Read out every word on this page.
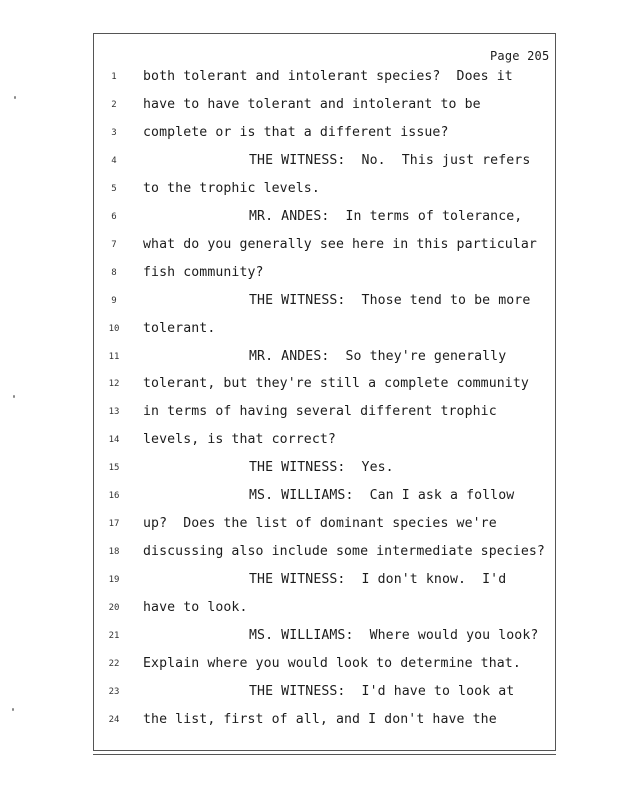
Page 205
1	both tolerant and intolerant species?  Does it
2	have to have tolerant and intolerant to be
3	complete or is that a different issue?
4	THE WITNESS:  No.  This just refers
5	to the trophic levels.
6	MR. ANDES:  In terms of tolerance,
7	what do you generally see here in this particular
8	fish community?
9	THE WITNESS:  Those tend to be more
10	tolerant.
11	MR. ANDES:  So they're generally
12	tolerant, but they're still a complete community
13	in terms of having several different trophic
14	levels, is that correct?
15	THE WITNESS:  Yes.
16	MS. WILLIAMS:  Can I ask a follow
17	up?  Does the list of dominant species we're
18	discussing also include some intermediate species?
19	THE WITNESS:  I don't know.  I'd
20	have to look.
21	MS. WILLIAMS:  Where would you look?
22	Explain where you would look to determine that.
23	THE WITNESS:  I'd have to look at
24	the list, first of all, and I don't have the
